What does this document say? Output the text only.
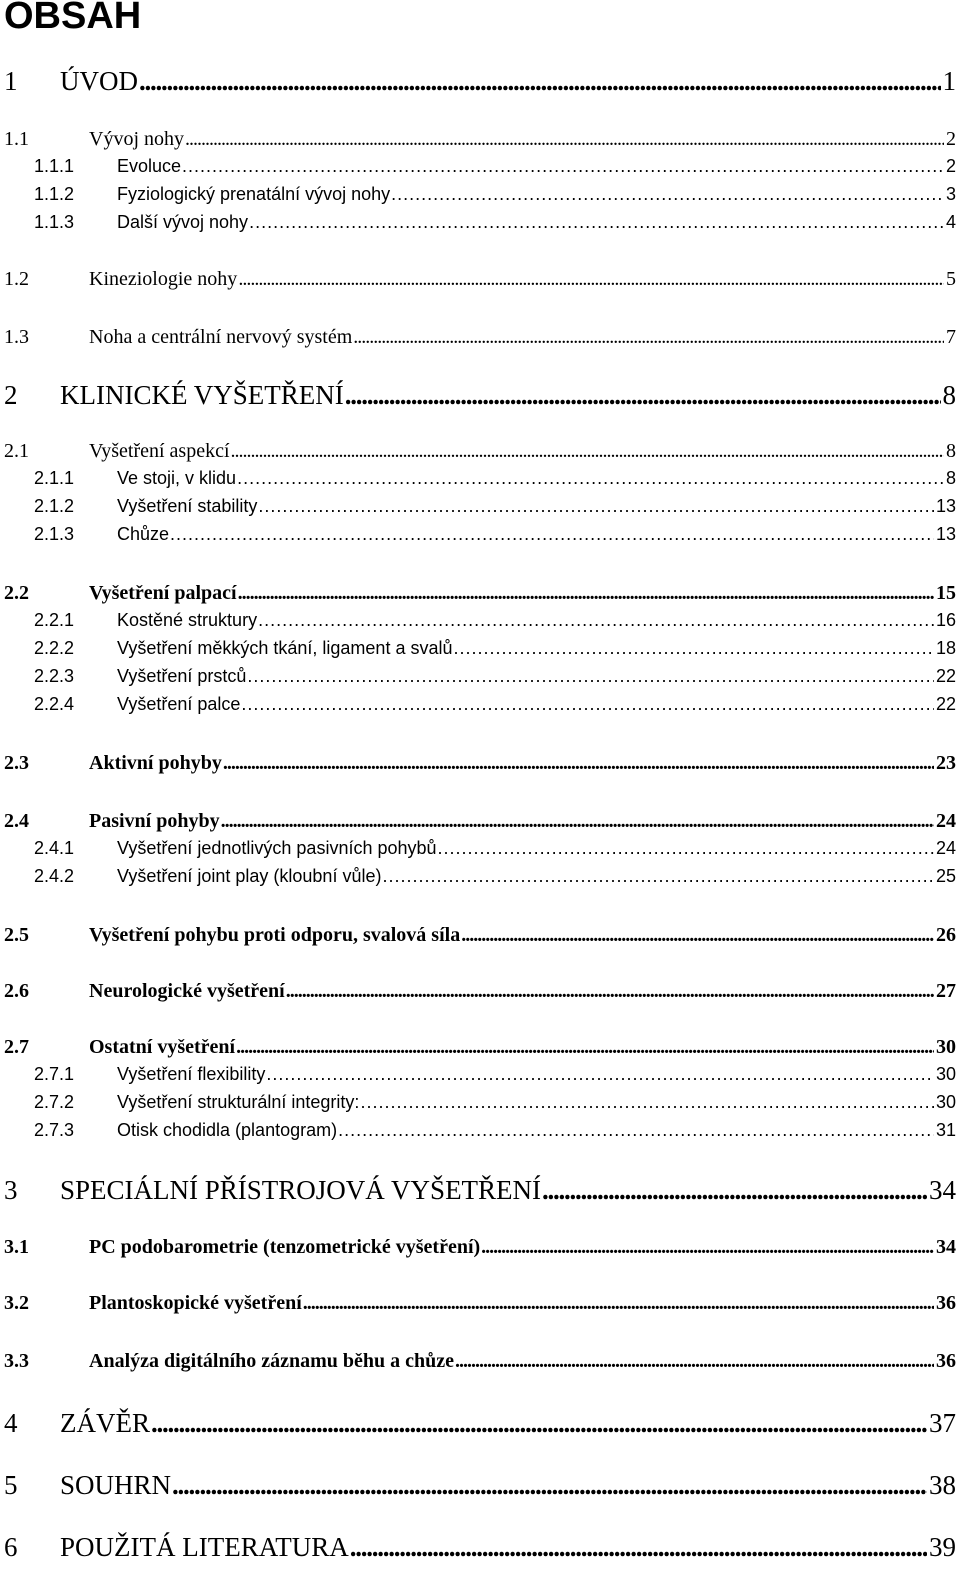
OBSAH
1	ÚVOD . . .	1
1.1	Vývoj nohy . . .	2
1.1.1	Evoluce . . .	2
1.1.2	Fyziologický prenatální vývoj nohy . . .	3
1.1.3	Další vývoj nohy . . .	4
1.2	Kineziologie nohy . . .	5
1.3	Noha a centrální nervový systém . . .	7
2	KLINICKÉ VYŠETŘENÍ . . .	8
2.1	Vyšetření aspekcí . . .	8
2.1.1	Ve stoji, v klidu . . .	8
2.1.2	Vyšetření stability . . .	13
2.1.3	Chůze . . .	13
2.2	Vyšetření palpací . . .	15
2.2.1	Kostěné struktury . . .	16
2.2.2	Vyšetření měkkých tkání, ligament a svalů . . .	18
2.2.3	Vyšetření prstců . . .	22
2.2.4	Vyšetření palce . . .	22
2.3	Aktivní pohyby . . .	23
2.4	Pasivní pohyby . . .	24
2.4.1	Vyšetření jednotlivých pasivních pohybů . . .	24
2.4.2	Vyšetření joint play (kloubní vůle) . . .	25
2.5	Vyšetření pohybu proti odporu, svalová síla . . .	26
2.6	Neurologické vyšetření . . .	27
2.7	Ostatní vyšetření . . .	30
2.7.1	Vyšetření flexibility . . .	30
2.7.2	Vyšetření strukturální integrity: . . .	30
2.7.3	Otisk chodidla (plantogram) . . .	31
3	SPECIÁLNÍ PŘÍSTROJOVÁ VYŠETŘENÍ . . .	34
3.1	PC podobarometrie (tenzometrické vyšetření) . . .	34
3.2	Plantoskopické vyšetření . . .	36
3.3	Analýza digitálního záznamu běhu a chůze . . .	36
4	ZÁVĚR . . .	37
5	SOUHRN . . .	38
6	POUŽITÁ LITERATURA . . .	39
